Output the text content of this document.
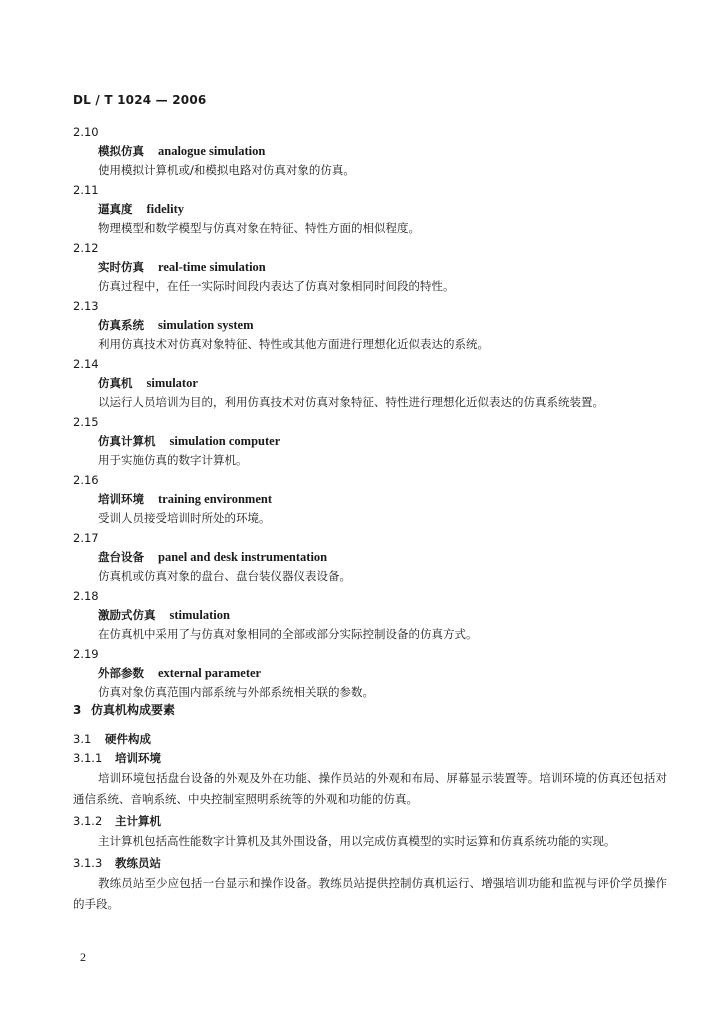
DL / T 1024 — 2006
2.10
模拟仿真 analogue simulation
使用模拟计算机或/和模拟电路对仿真对象的仿真。
2.11
逼真度 fidelity
物理模型和数学模型与仿真对象在特征、特性方面的相似程度。
2.12
实时仿真 real-time simulation
仿真过程中，在任一实际时间段内表达了仿真对象相同时间段的特性。
2.13
仿真系统 simulation system
利用仿真技术对仿真对象特征、特性或其他方面进行理想化近似表达的系统。
2.14
仿真机 simulator
以运行人员培训为目的，利用仿真技术对仿真对象特征、特性进行理想化近似表达的仿真系统装置。
2.15
仿真计算机 simulation computer
用于实施仿真的数字计算机。
2.16
培训环境 training environment
受训人员接受培训时所处的环境。
2.17
盘台设备 panel and desk instrumentation
仿真机或仿真对象的盘台、盘台装仪器仪表设备。
2.18
激励式仿真 stimulation
在仿真机中采用了与仿真对象相同的全部或部分实际控制设备的仿真方式。
2.19
外部参数 external parameter
仿真对象仿真范围内部系统与外部系统相关联的参数。
3 仿真机构成要素
3.1 硬件构成
3.1.1 培训环境
培训环境包括盘台设备的外观及外在功能、操作员站的外观和布局、屏幕显示装置等。培训环境的仿真还包括对通信系统、音响系统、中央控制室照明系统等的外观和功能的仿真。
3.1.2 主计算机
主计算机包括高性能数字计算机及其外围设备，用以完成仿真模型的实时运算和仿真系统功能的实现。
3.1.3 教练员站
教练员站至少应包括一台显示和操作设备。教练员站提供控制仿真机运行、增强培训功能和监视与评价学员操作的手段。
2
